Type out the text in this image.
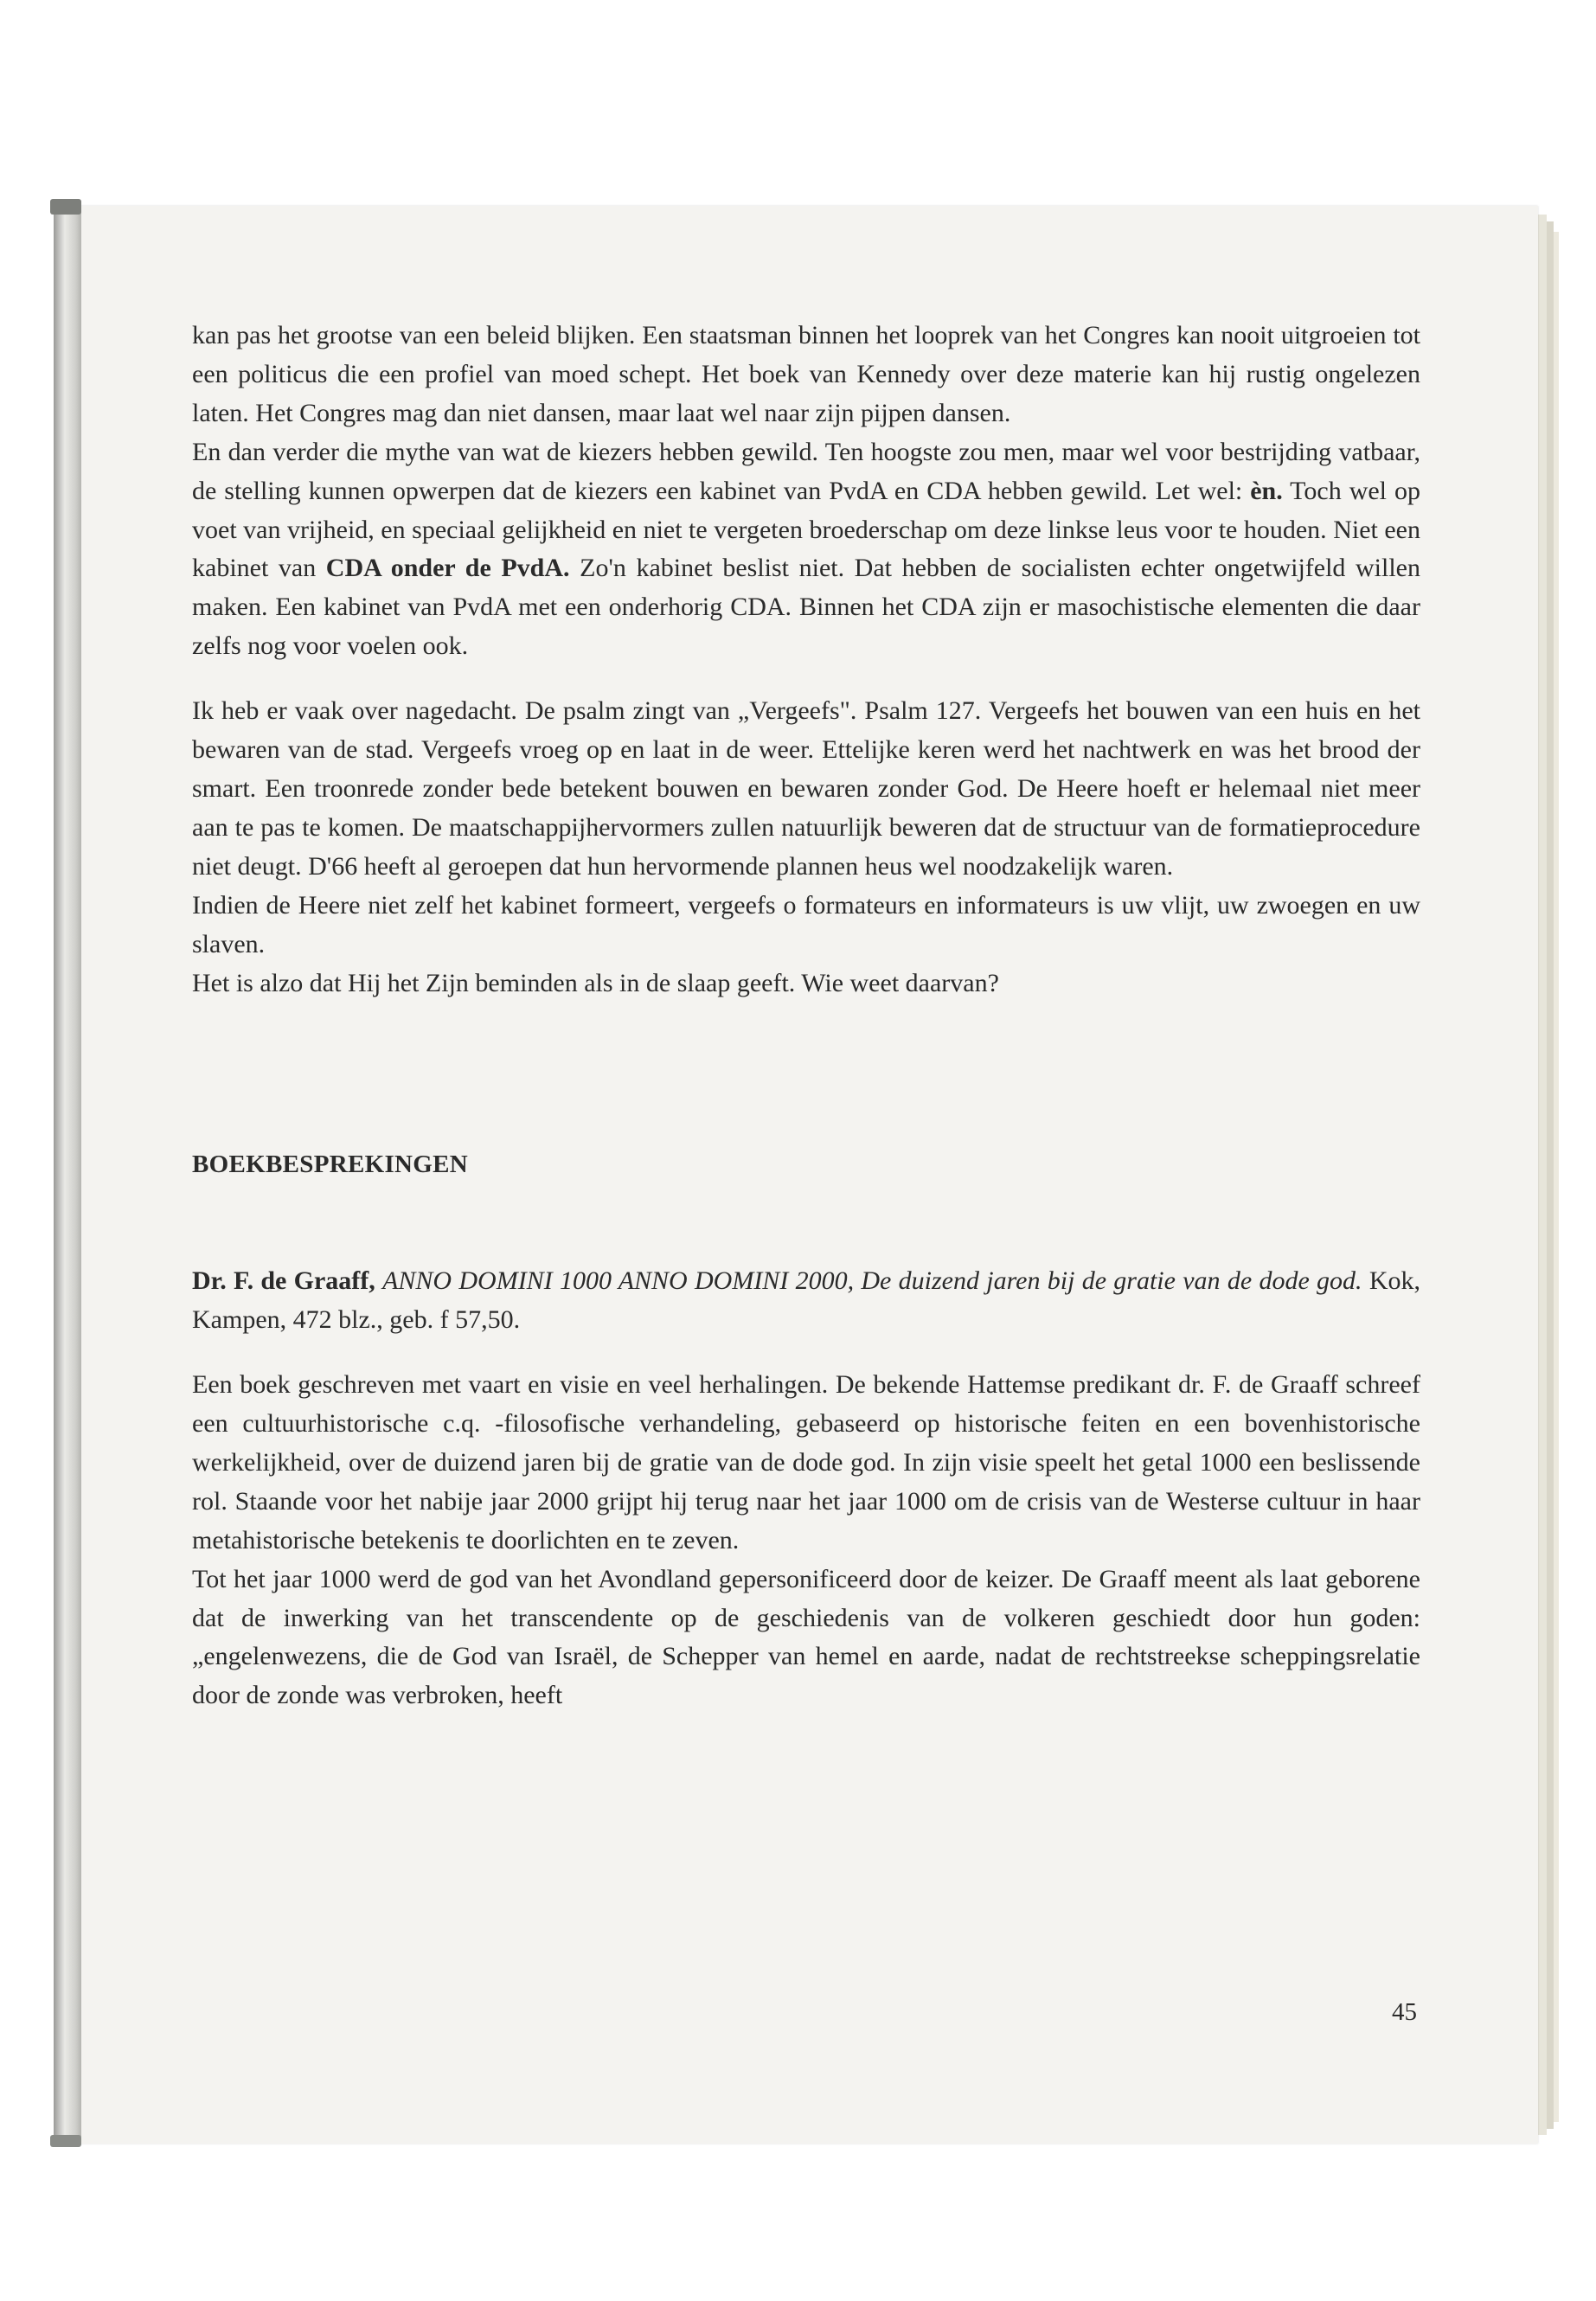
kan pas het grootse van een beleid blijken. Een staatsman binnen het looprek van het Congres kan nooit uitgroeien tot een politicus die een profiel van moed schept. Het boek van Kennedy over deze materie kan hij rustig ongelezen laten. Het Congres mag dan niet dansen, maar laat wel naar zijn pijpen dansen.

En dan verder die mythe van wat de kiezers hebben gewild. Ten hoogste zou men, maar wel voor bestrijding vatbaar, de stelling kunnen opwerpen dat de kiezers een kabinet van PvdA en CDA hebben gewild. Let wel: èn. Toch wel op voet van vrijheid, en speciaal gelijkheid en niet te vergeten broederschap om deze linkse leus voor te houden. Niet een kabinet van CDA onder de PvdA. Zo'n kabinet beslist niet. Dat hebben de socialisten echter ongetwijfeld willen maken. Een kabinet van PvdA met een onderhorig CDA. Binnen het CDA zijn er masochistische elementen die daar zelfs nog voor voelen ook.

Ik heb er vaak over nagedacht. De psalm zingt van „Vergeefs". Psalm 127. Vergeefs het bouwen van een huis en het bewaren van de stad. Vergeefs vroeg op en laat in de weer. Ettelijke keren werd het nachtwerk en was het brood der smart. Een troonrede zonder bede betekent bouwen en bewaren zonder God. De Heere hoeft er helemaal niet meer aan te pas te komen. De maatschappijhervormers zullen natuurlijk beweren dat de structuur van de formatieprocedure niet deugt. D'66 heeft al geroepen dat hun hervormende plannen heus wel noodzakelijk waren.

Indien de Heere niet zelf het kabinet formeert, vergeefs o formateurs en informateurs is uw vlijt, uw zwoegen en uw slaven.

Het is alzo dat Hij het Zijn beminden als in de slaap geeft. Wie weet daarvan?

BOEKBESPREKINGEN

Dr. F. de Graaff, ANNO DOMINI 1000 ANNO DOMINI 2000, De duizend jaren bij de gratie van de dode god. Kok, Kampen, 472 blz., geb. f 57,50.

Een boek geschreven met vaart en visie en veel herhalingen. De bekende Hattemse predikant dr. F. de Graaff schreef een cultuurhistorische c.q. -filosofische verhandeling, gebaseerd op historische feiten en een bovenhistorische werkelijkheid, over de duizend jaren bij de gratie van de dode god. In zijn visie speelt het getal 1000 een beslissende rol. Staande voor het nabije jaar 2000 grijpt hij terug naar het jaar 1000 om de crisis van de Westerse cultuur in haar metahistorische betekenis te doorlichten en te zeven.

Tot het jaar 1000 werd de god van het Avondland gepersonificeerd door de keizer. De Graaff meent als laat geborene dat de inwerking van het transcendente op de geschiedenis van de volkeren geschiedt door hun goden: „engelenwezens, die de God van Israël, de Schepper van hemel en aarde, nadat de rechtstreekse scheppingsrelatie door de zonde was verbroken, heeft

45
